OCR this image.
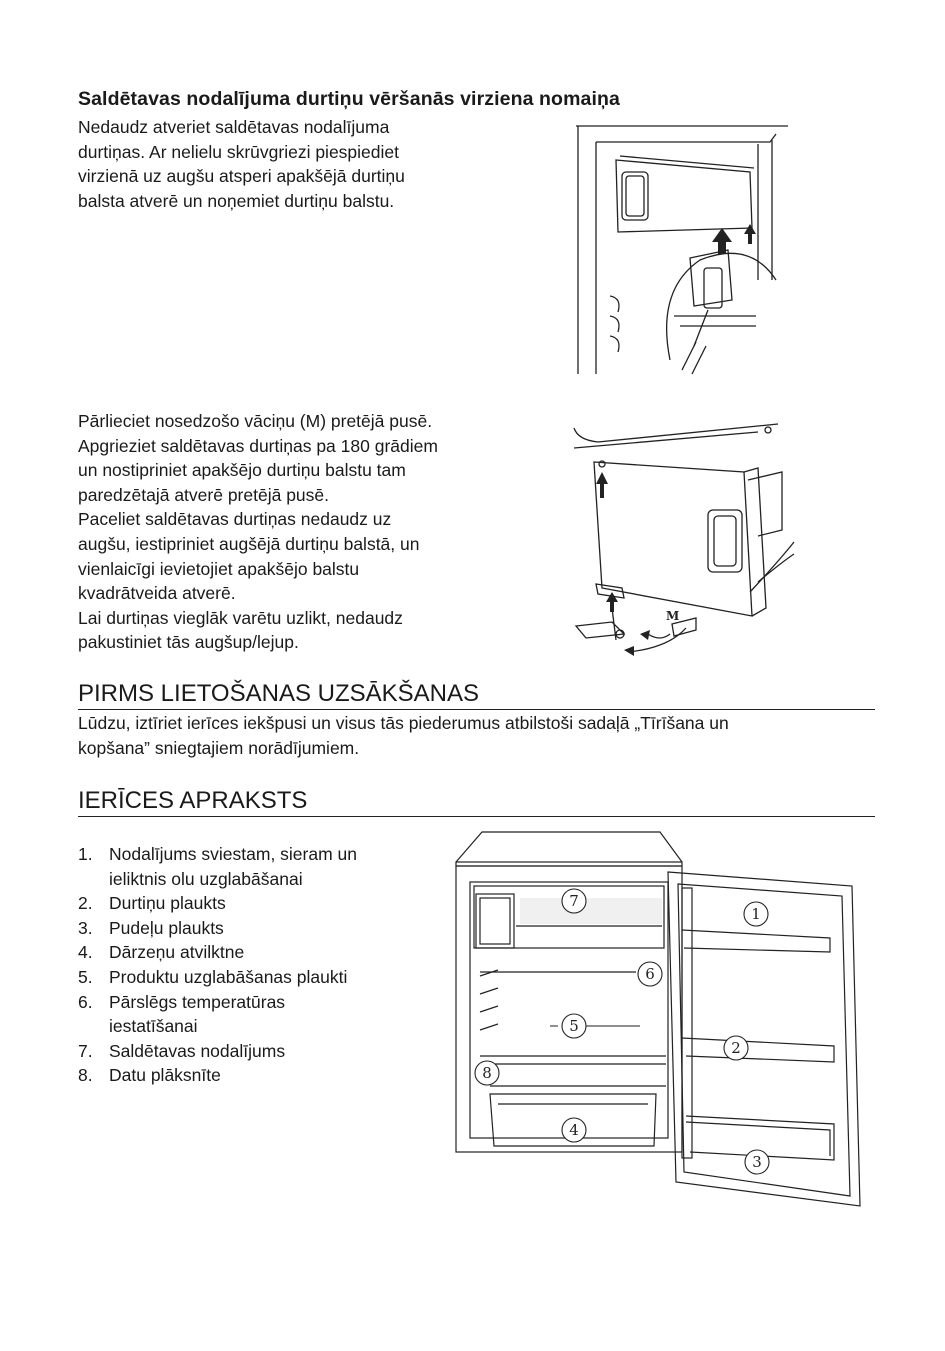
Saldētavas nodalījuma durtiņu vēršanās virziena nomaiņa
Nedaudz atveriet saldētavas nodalījuma
durtiņas. Ar nelielu skrūvgriezi piespiediet
virzienā uz augšu atsperi apakšējā durtiņu
balsta atverē un noņemiet durtiņu balstu.
Pārlieciet nosedzošo vāciņu (M) pretējā pusē.
Apgrieziet saldētavas durtiņas pa 180 grādiem
un nostipriniet apakšējo durtiņu balstu tam
paredzētajā atverē pretējā pusē.
Paceliet saldētavas durtiņas nedaudz uz
augšu, iestipriniet augšējā durtiņu balstā, un
vienlaicīgi ievietojiet apakšējo balstu
kvadrātveida atverē.
Lai durtiņas vieglāk varētu uzlikt, nedaudz
pakustiniet tās augšup/lejup.
M
PIRMS LIETOŠANAS UZSĀKŠANAS
Lūdzu, iztīriet ierīces iekšpusi un visus tās piederumus atbilstoši sadaļā „Tīrīšana un
kopšana” sniegtajiem norādījumiem.
IERĪCES APRAKSTS
1. Nodalījums sviestam, sieram un
ieliktnis olu uzglabāšanai
2. Durtiņu plaukts
3. Pudeļu plaukts
4. Dārzeņu atvilktne
5. Produktu uzglabāšanas plaukti
6. Pārslēgs temperatūras
iestatīšanai
7. Saldētavas nodalījums
8. Datu plāksnīte
1
2
3
4
5
6
7
8
